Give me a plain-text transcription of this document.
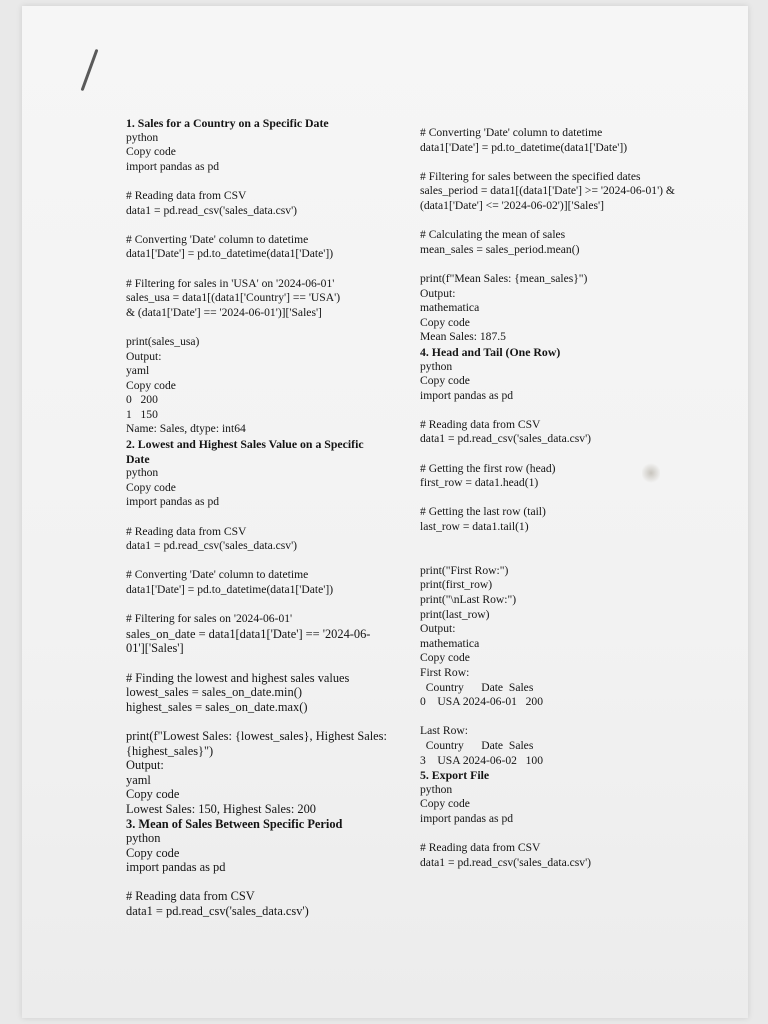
1. Sales for a Country on a Specific Date
python
Copy code
import pandas as pd
# Reading data from CSV
data1 = pd.read_csv('sales_data.csv')
# Converting 'Date' column to datetime
data1['Date'] = pd.to_datetime(data1['Date'])
# Filtering for sales in 'USA' on '2024-06-01'
sales_usa = data1[(data1['Country'] == 'USA')
& (data1['Date'] == '2024-06-01')]['Sales']
print(sales_usa)
Output:
yaml
Copy code
0   200
1   150
Name: Sales, dtype: int64
2. Lowest and Highest Sales Value on a Specific Date
python
Copy code
import pandas as pd
# Reading data from CSV
data1 = pd.read_csv('sales_data.csv')
# Converting 'Date' column to datetime
data1['Date'] = pd.to_datetime(data1['Date'])
# Filtering for sales on '2024-06-01'
sales_on_date = data1[data1['Date'] == '2024-06-01']['Sales']
# Finding the lowest and highest sales values
lowest_sales = sales_on_date.min()
highest_sales = sales_on_date.max()
print(f"Lowest Sales: {lowest_sales}, Highest Sales: {highest_sales}")
Output:
yaml
Copy code
Lowest Sales: 150, Highest Sales: 200
3. Mean of Sales Between Specific Period
python
Copy code
import pandas as pd
# Reading data from CSV
data1 = pd.read_csv('sales_data.csv')
# Converting 'Date' column to datetime
data1['Date'] = pd.to_datetime(data1['Date'])
# Filtering for sales between the specified dates
sales_period = data1[(data1['Date'] >= '2024-06-01') & (data1['Date'] <= '2024-06-02')]['Sales']
# Calculating the mean of sales
mean_sales = sales_period.mean()
print(f"Mean Sales: {mean_sales}")
Output:
mathematica
Copy code
Mean Sales: 187.5
4. Head and Tail (One Row)
python
Copy code
import pandas as pd
# Reading data from CSV
data1 = pd.read_csv('sales_data.csv')
# Getting the first row (head)
first_row = data1.head(1)
# Getting the last row (tail)
last_row = data1.tail(1)
print("First Row:")
print(first_row)
print("\nLast Row:")
print(last_row)
Output:
mathematica
Copy code
First Row:
Country      Date  Sales
0    USA 2024-06-01   200
Last Row:
Country      Date  Sales
3    USA 2024-06-02   100
5. Export File
python
Copy code
import pandas as pd
# Reading data from CSV
data1 = pd.read_csv('sales_data.csv')
